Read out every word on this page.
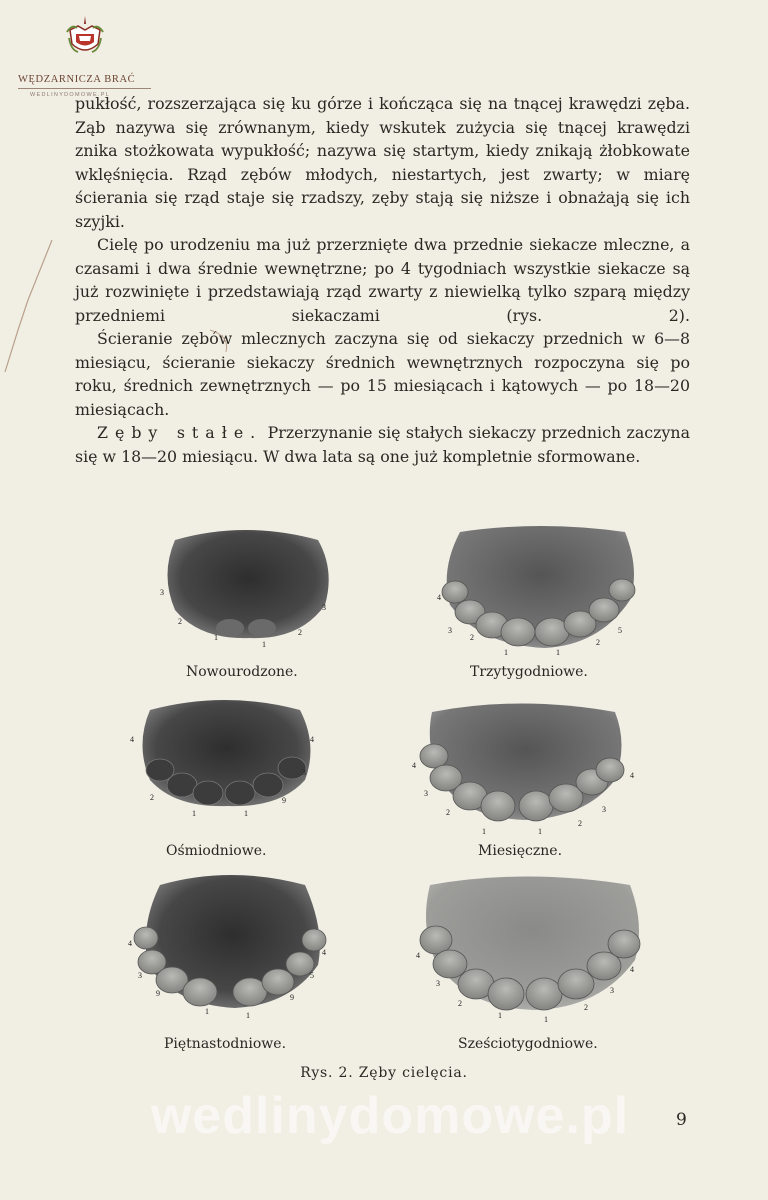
WĘDZARNICZA BRAĆ
WEDLINYDOMOWE.PL

pukłość, rozszerzająca się ku górze i kończąca się na tnącej krawędzi zęba. Ząb nazywa się zrównanym, kiedy wskutek zużycia się tnącej krawędzi znika stożkowata wypukłość; nazywa się startym, kiedy znikają żłobkowate wklęśnięcia. Rząd zębów młodych, niestartych, jest zwarty; w miarę ścierania się rząd staje się rzadszy, zęby stają się niższe i obnażają się ich szyjki.

Cielę po urodzeniu ma już przerznięte dwa przednie siekacze mleczne, a czasami i dwa średnie wewnętrzne; po 4 tygodniach wszystkie siekacze są już rozwinięte i przedstawiają rząd zwarty z niewielką tylko szparą między przedniemi siekaczami (rys. 2).

Ścieranie zębów mlecznych zaczyna się od siekaczy przednich w 6—8 miesiącu, ścieranie siekaczy średnich wewnętrznych rozpoczyna się po roku, średnich zewnętrznych — po 15 miesiącach i kątowych — po 18—20 miesiącach.

Zęby stałe. Przerzynanie się stałych siekaczy przednich zaczyna się w 18—20 miesiącu. W dwa lata są one już kompletnie sformowane.

3
2
1
1
2
3
4
3
2
1	1
2
5
4	4
2
1	1
9
3
4
4
3
2
1	1
2
3
4
4
3	5
9	9
1	1
4
4
3
3
2	2
1	1
Nowourodzone.	Trzytygodniowe.
Ośmiodniowe.	Miesięczne.
Piętnastodniowe.	Sześciotygodniowe.
Rys. 2. Zęby cielęcia.
wedlinydomowe.pl	9
